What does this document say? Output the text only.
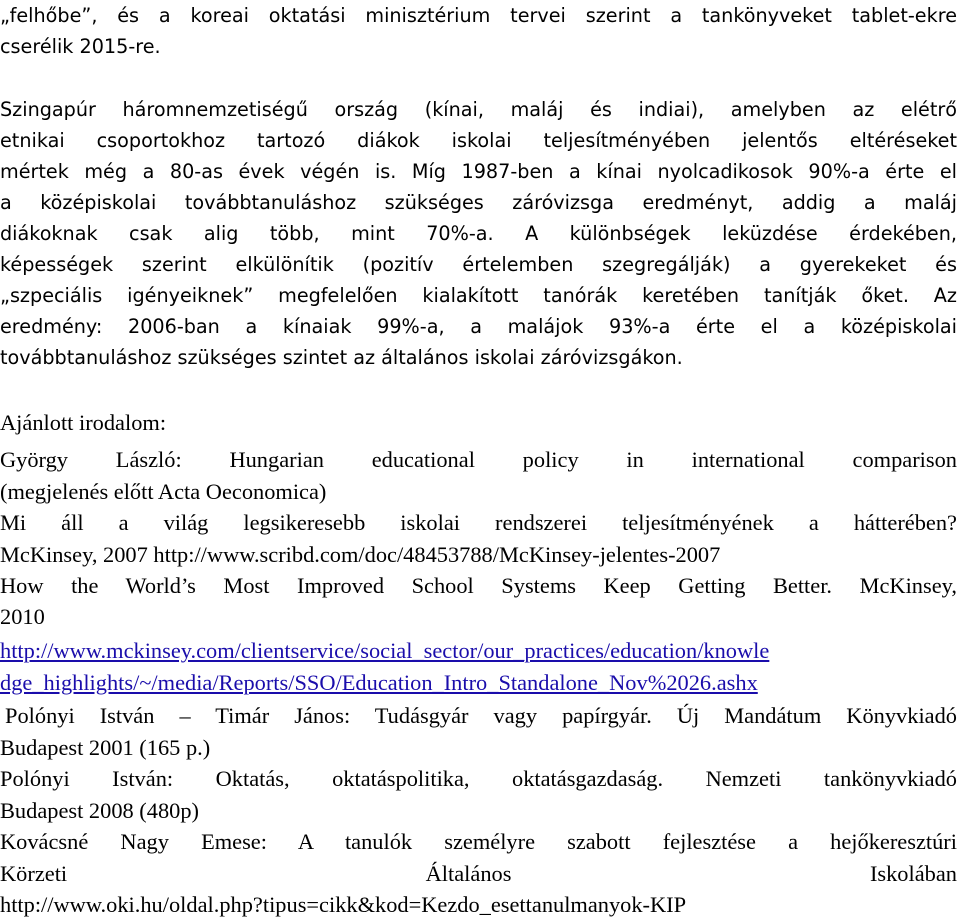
„felhőbe”, és a koreai oktatási minisztérium tervei szerint a tankönyveket tablet-ekre
cserélik 2015-re.
Szingapúr háromnemzetiségű ország (kínai, maláj és indiai), amelyben az elétrő
etnikai csoportokhoz tartozó diákok iskolai teljesítményében jelentős eltéréseket
mértek még a 80-as évek végén is. Míg 1987-ben a kínai nyolcadikosok 90%-a érte el
a középiskolai továbbtanuláshoz szükséges záróvizsga eredményt, addig a maláj
diákoknak csak alig több, mint 70%-a. A különbségek leküzdése érdekében,
képességek szerint elkülönítik (pozitív értelemben szegregálják) a gyerekeket és
„szpeciális igényeiknek” megfelelően kialakított tanórák keretében tanítják őket. Az
eredmény: 2006-ban a kínaiak 99%-a, a malájok 93%-a érte el a középiskolai
továbbtanuláshoz szükséges szintet az általános iskolai záróvizsgákon.
Ajánlott irodalom:
György László: Hungarian educational policy in international comparison
(megjelenés előtt Acta Oeconomica)
Mi áll a világ legsikeresebb iskolai rendszerei teljesítményének a hátterében?
McKinsey, 2007 http://www.scribd.com/doc/48453788/McKinsey-jelentes-2007
How the World’s Most Improved School Systems Keep Getting Better. McKinsey,
2010
http://www.mckinsey.com/clientservice/social_sector/our_practices/education/knowle
dge_highlights/~/media/Reports/SSO/Education_Intro_Standalone_Nov%2026.ashx
Polónyi István – Timár János: Tudásgyár vagy papírgyár. Új Mandátum Könyvkiadó
Budapest 2001 (165 p.)
Polónyi István: Oktatás, oktatáspolitika, oktatásgazdaság. Nemzeti tankönyvkiadó
Budapest 2008 (480p)
Kovácsné Nagy Emese: A tanulók személyre szabott fejlesztése a hejőkeresztúri
Körzeti Általános Iskolában
http://www.oki.hu/oldal.php?tipus=cikk&kod=Kezdo_esettanulmanyok-KIP
